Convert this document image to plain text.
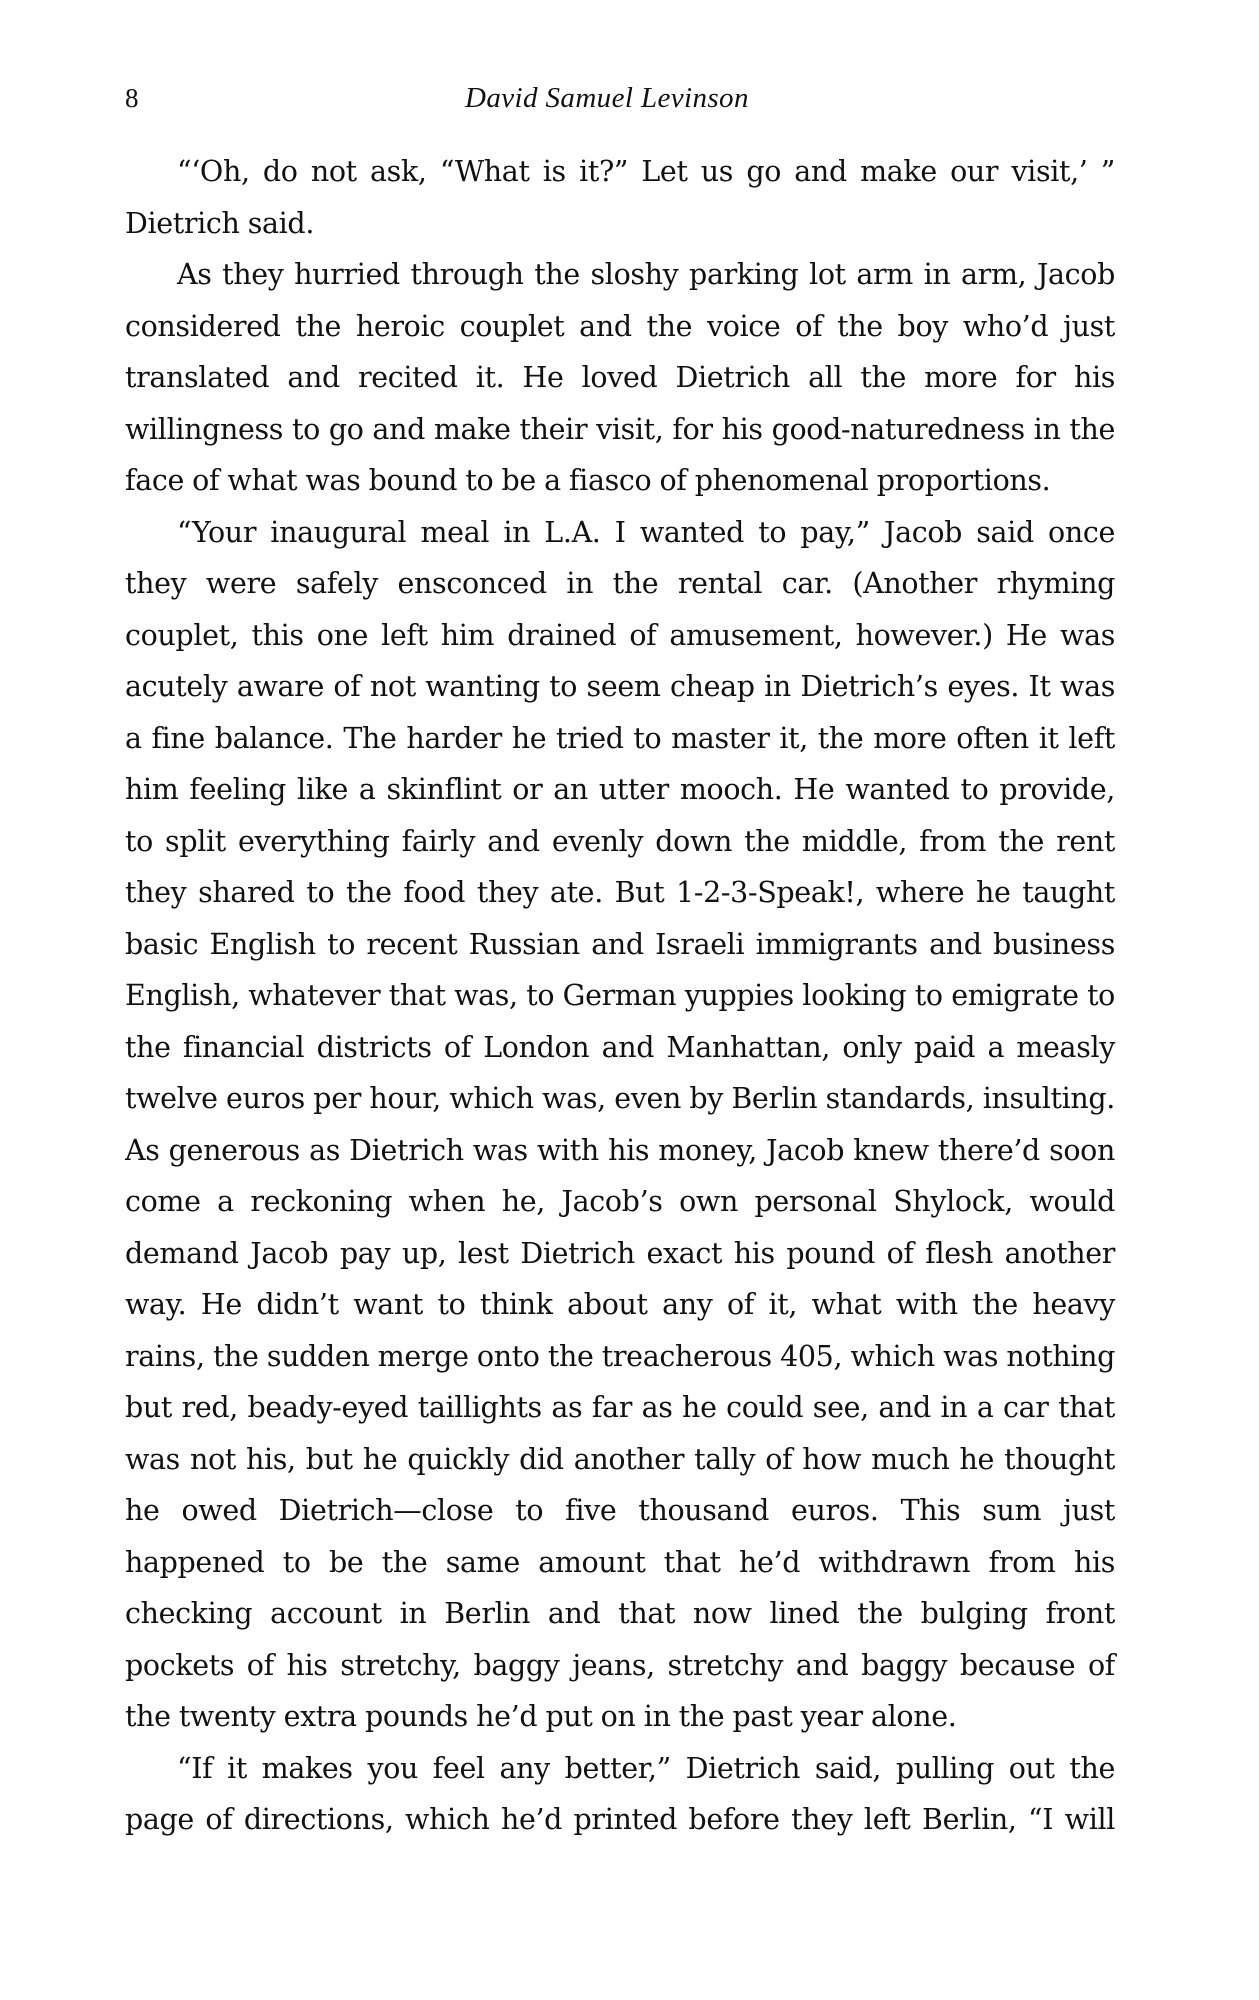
8	David Samuel Levinson

“‘Oh, do not ask, “What is it?” Let us go and make our visit,’ ” Dietrich said.

As they hurried through the sloshy parking lot arm in arm, Jacob considered the heroic couplet and the voice of the boy who’d just translated and recited it. He loved Dietrich all the more for his willingness to go and make their visit, for his good-naturedness in the face of what was bound to be a fiasco of phenomenal proportions.

“Your inaugural meal in L.A. I wanted to pay,” Jacob said once they were safely ensconced in the rental car. (Another rhyming couplet, this one left him drained of amusement, however.) He was acutely aware of not wanting to seem cheap in Dietrich’s eyes. It was a fine balance. The harder he tried to master it, the more often it left him feeling like a skinflint or an utter mooch. He wanted to provide, to split everything fairly and evenly down the middle, from the rent they shared to the food they ate. But 1-2-3-Speak!, where he taught basic English to recent Russian and Israeli immigrants and business English, whatever that was, to German yuppies looking to emigrate to the financial districts of London and Manhattan, only paid a measly twelve euros per hour, which was, even by Berlin standards, insulting. As generous as Dietrich was with his money, Jacob knew there’d soon come a reckoning when he, Jacob’s own personal Shylock, would demand Jacob pay up, lest Dietrich exact his pound of flesh another way. He didn’t want to think about any of it, what with the heavy rains, the sudden merge onto the treacherous 405, which was nothing but red, beady-eyed taillights as far as he could see, and in a car that was not his, but he quickly did another tally of how much he thought he owed Dietrich—close to five thousand euros. This sum just happened to be the same amount that he’d withdrawn from his checking account in Berlin and that now lined the bulging front pockets of his stretchy, baggy jeans, stretchy and baggy because of the twenty extra pounds he’d put on in the past year alone.

“If it makes you feel any better,” Dietrich said, pulling out the page of directions, which he’d printed before they left Berlin, “I will
